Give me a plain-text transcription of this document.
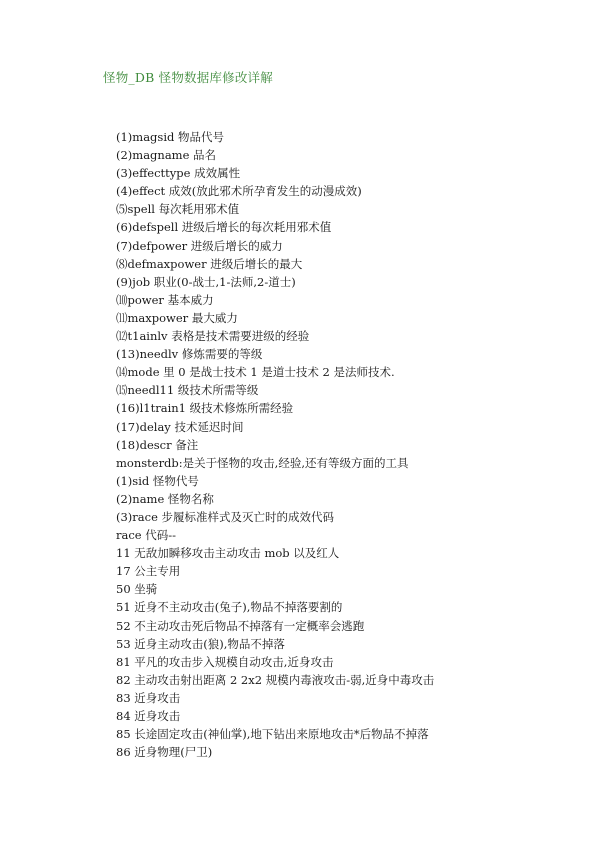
怪物_DB 怪物数据库修改详解
(1)magsid 物品代号
(2)magname 品名
(3)effecttype 成效属性
(4)effect 成效(放此邪术所孕育发生的动漫成效)
⑸spell 每次耗用邪术值
(6)defspell 进级后增长的每次耗用邪术值
(7)defpower 进级后增长的威力
⑻defmaxpower 进级后增长的最大
(9)job 职业(0-战士,1-法师,2-道士)
⑽power 基本威力
⑾maxpower 最大威力
⑿t1ainlv 表格是技术需要进级的经验
(13)needlv 修炼需要的等级
⒁mode 里 0 是战士技术 1 是道士技术 2 是法师技术.
⒂needl11 级技术所需等级
(16)l1train1 级技术修炼所需经验
(17)delay 技术延迟时间
(18)descr 备注
monsterdb:是关于怪物的攻击,经验,还有等级方面的工具
(1)sid 怪物代号
(2)name 怪物名称
(3)race 步履标准样式及灭亡时的成效代码
race 代码--
11 无敌加瞬移攻击主动攻击 mob 以及红人
17 公主专用
50 坐骑
51 近身不主动攻击(兔子),物品不掉落要割的
52 不主动攻击死后物品不掉落有一定概率会逃跑
53 近身主动攻击(狼),物品不掉落
81 平凡的攻击步入规模自动攻击,近身攻击
82 主动攻击射出距离 2 2x2 规模内毒液攻击-弱,近身中毒攻击
83 近身攻击
84 近身攻击
85 长途固定攻击(神仙掌),地下钻出来原地攻击*后物品不掉落
86 近身物理(尸卫)
